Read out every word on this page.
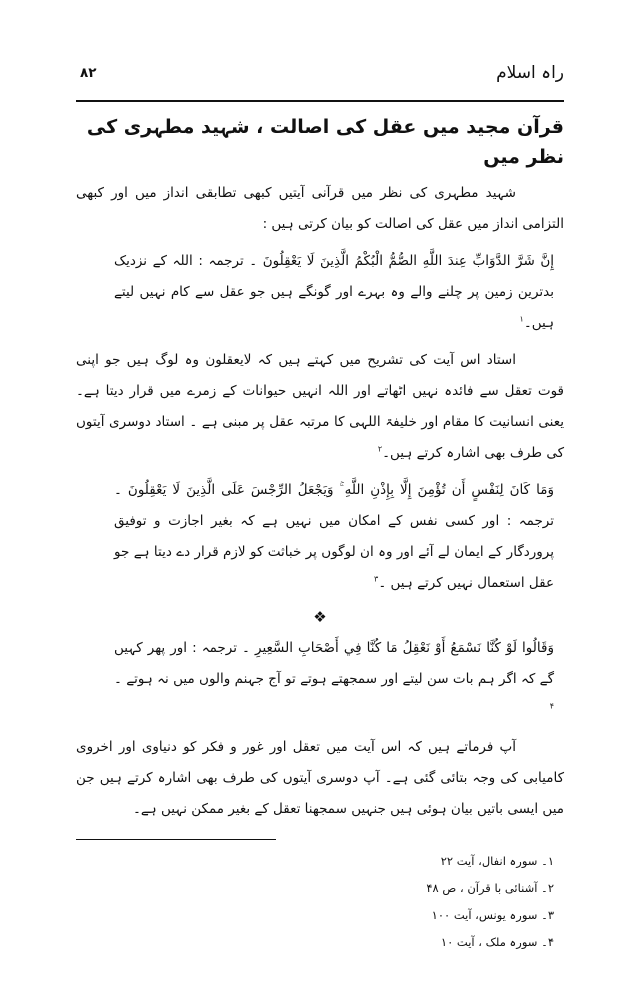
راہ اسلام
۸۲
قرآن مجید میں عقل کی اصالت ، شہید مطہری کی نظر میں

شہید مطہری کی نظر میں قرآنی آیتیں کبھی تطابقی انداز میں اور کبھی التزامی انداز میں عقل کی اصالت کو بیان کرتی ہیں :

إِنَّ شَرَّ الدَّوَابِّ عِندَ اللَّهِ الصُّمُّ الْبُكْمُ الَّذِينَ لَا يَعْقِلُونَ ۔ ترجمہ : اللہ کے نزدیک بدترین زمین پر چلنے والے وہ بہرے اور گونگے ہیں جو عقل سے کام نہیں لیتے ہیں۔$^۱$

استاد اس آیت کی تشریح میں کہتے ہیں کہ لایعقلون وہ لوگ ہیں جو اپنی قوت تعقل سے فائدہ نہیں اٹھاتے اور اللہ انہیں حیوانات کے زمرے میں قرار دیتا ہے۔ یعنی انسانیت کا مقام اور خلیفۃ اللہی کا مرتبہ عقل پر مبنی ہے ۔ استاد دوسری آیتوں کی طرف بھی اشارہ کرتے ہیں۔$^۲$

وَمَا كَانَ لِنَفْسٍ أَن تُؤْمِنَ إِلَّا بِإِذْنِ اللَّهِ ۚ وَيَجْعَلُ الرِّجْسَ عَلَى الَّذِينَ لَا يَعْقِلُونَ ۔ ترجمہ : اور کسی نفس کے امکان میں نہیں ہے کہ بغیر اجازت و توفیق پروردگار کے ایمان لے آئے اور وہ ان لوگوں پر خباثت کو لازم قرار دے دیتا ہے جو عقل استعمال نہیں کرتے ہیں ۔$^۳$

❖

وَقَالُوا لَوْ كُنَّا نَسْمَعُ أَوْ نَعْقِلُ مَا كُنَّا فِي أَصْحَابِ السَّعِيرِ ۔ ترجمہ : اور پھر کہیں گے کہ اگر ہم بات سن لیتے اور سمجھتے ہوتے تو آج جہنم والوں میں نہ ہوتے ۔$^۴$

آپ فرماتے ہیں کہ اس آیت میں تعقل اور غور و فکر کو دنیاوی اور اخروی کامیابی کی وجہ بتائی گئی ہے۔ آپ دوسری آیتوں کی طرف بھی اشارہ کرتے ہیں جن میں ایسی باتیں بیان ہوئی ہیں جنہیں سمجھنا تعقل کے بغیر ممکن نہیں ہے۔

۱۔ سورہ انفال، آیت ۲۲
۲۔ آشنائی با قرآن ، ص ۴۸
۳۔ سورہ یونس، آیت ۱۰۰
۴۔ سورہ ملک ، آیت ۱۰
